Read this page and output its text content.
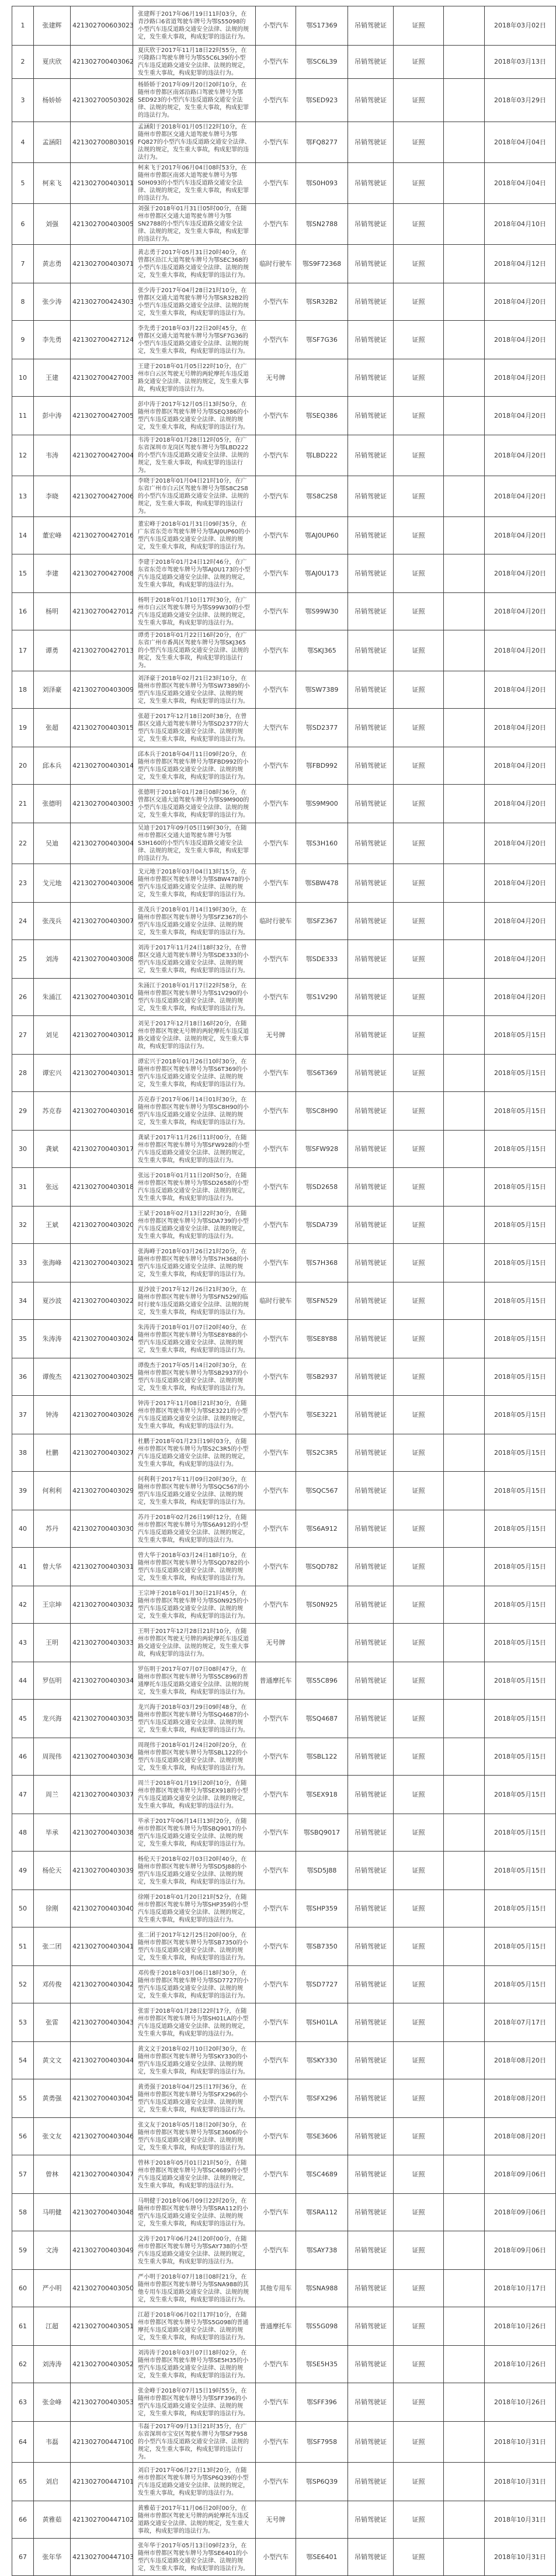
1	张建辉	421302700603023	张建辉于2017年06月19日11时03分，在青沙路口6省道驾驶车牌号为鄂S55098的小型汽车违反道路交通安全法律、法规的规定，发生重大事故，构成犯罪的违法行为。	小型汽车	鄂S17369	吊销驾驶证	证照		2018年03月02日
2	夏庆欣	421302700403062	夏庆欣于2017年11月18日22时55分，在兴隆路口驾驶车牌号为鄂S5C6L39的小型汽车违反道路交通安全法律、法规的规定，发生重大事故，构成犯罪的违法行为。	小型汽车	鄂SC6L39	吊销驾驶证	证照		2018年03月13日
3	杨娇娇	421302700503028	杨娇娇于2017年09月20日20时10分，在随州市曾都区南郊沿路口驾驶车牌号为鄂SED923的小型汽车违反道路交通安全法律、法规的规定，发生重大事故，构成犯罪的违法行为。	小型汽车	鄂SED923	吊销驾驶证	证照		2018年03月29日
4	孟涵阳	421302700803019	孟涵阳于2018年01月05日22时10分，在随州市曾都区交通大道驾驶车牌号为鄂FQ827的小型汽车违反道路交通安全法律、法规的规定，发生重大事故，构成犯罪的违法行为。	小型汽车	鄂FQ8277	吊销驾驶证	证照		2018年04月04日
5	柯来飞	421302700403011	柯来飞于2017年06月04日08时53分，在随州市曾都区南郊大道驾驶车牌号为鄂S0H093的小型汽车违反道路交通安全法律、法规的规定，发生重大事故，构成犯罪的违法行为。	小型汽车	鄂S0H093	吊销驾驶证	证照		2018年04月04日
6	刘强	421302700403005	刘强于2018年01月31日05时00分，在随州市曾都区交通大道驾驶车牌号为鄂SN2788的小型汽车违反道路交通安全法律、法规的规定，发生重大事故，构成犯罪的违法行为。	小型汽车	鄂SN2788	吊销驾驶证	证照		2018年04月10日
7	黄志勇	421302700403071	黄志勇于2017年05月31日20时40分，在曾都区沿江大道驾驶车牌号为鄂SEC368的小型汽车违反道路交通安全法律、法规的规定，发生重大事故，构成犯罪的违法行为。	临时行驶车	鄂S9F72368	吊销驾驶证	证照		2018年04月12日
8	张少涛	421302700424303	张少涛于2017年04月28日21时10分，在曾都区交通大道驾驶车牌号为鄂SR32B2的小型汽车违反道路交通安全法律、法规的规定，发生重大事故，构成犯罪的违法行为。	小型汽车	鄂SR32B2	吊销驾驶证	证照		2018年04月20日
9	李先勇	421302700427124	李先勇于2018年03月22日20时45分，在曾都区交通大道驾驶车牌号为鄂SF7G36的小型汽车违反道路交通安全法律、法规的规定，发生重大事故，构成犯罪的违法行为。	小型汽车	鄂SF7G36	吊销驾驶证	证照		2018年04月20日
10	王建	421302700427003	王建于2018年01月05日22时10分，在广州市白云区驾驶无号牌的两轮摩托车违反道路交通安全法律、法规的规定，发生重大事故，构成犯罪的违法行为。	无号牌		吊销驾驶证	证照		2018年04月20日
11	彭中涛	421302700427005	彭中涛于2017年12月05日13时50分，在随州市曾都区驾驶车牌号为鄂SEQ386的小型汽车违反道路交通安全法律、法规的规定，发生重大事故，构成犯罪的违法行为。	小型汽车	鄂SEQ386	吊销驾驶证	证照		2018年04月20日
12	韦涛	421302700427004	韦涛于2018年01月28日12时05分，在广东省深圳市龙岗区驾驶车牌号为鄂LBD222的小型汽车违反道路交通安全法律、法规的规定，发生重大事故，构成犯罪的违法行为。	小型汽车	鄂LBD222	吊销驾驶证	证照		2018年04月20日
13	李晓	421302700427006	李晓于2018年01月04日21时10分，在广东省广州市白云区驾驶车牌号为鄂S8C2S8的小型汽车违反道路交通安全法律、法规的规定，发生重大事故，构成犯罪的违法行为。	小型汽车	鄂S8C2S8	吊销驾驶证	证照		2018年04月20日
14	董宏峰	421302700427016	董宏峰于2018年01月31日09时35分，在广东省东莞市驾驶车牌号为鄂AJ0UP60的小型汽车违反道路交通安全法律、法规的规定，发生重大事故，构成犯罪的违法行为。	小型汽车	鄂AJ0UP60	吊销驾驶证	证照		2018年04月20日
15	李建	421302700427008	李建于2018年01月24日12时46分，在广东省东莞市驾驶车牌号为鄂AJ0U173的小型汽车违反道路交通安全法律、法规的规定，发生重大事故，构成犯罪的违法行为。	小型汽车	鄂AJ0U173	吊销驾驶证	证照		2018年04月20日
16	杨明	421302700427012	杨明于2018年01月10日17时30分，在广州市白云区驾驶车牌号为鄂S99W30的小型汽车违反道路交通安全法律、法规的规定，发生重大事故，构成犯罪的违法行为。	小型汽车	鄂S99W30	吊销驾驶证	证照		2018年04月20日
17	谭勇	421302700427013	谭勇于2018年01月22日16时20分，在广东省广州市番禺区驾驶车牌号为鄂SKJ365的小型汽车违反道路交通安全法律、法规的规定，发生重大事故，构成犯罪的违法行为。	小型汽车	鄂SKJ365	吊销驾驶证	证照		2018年04月20日
18	刘泽豪	421302700403009	刘泽豪于2018年02月21日23时10分，在随州市曾都区驾驶车牌号为鄂SW7389的小型汽车违反道路交通安全法律、法规的规定，发生重大事故，构成犯罪的违法行为。	小型汽车	鄂SW7389	吊销驾驶证	证照		2018年04月20日
19	张超	421302700403015	张超于2017年12月18日20时38分，在曾都区交通大道驾驶车牌号为鄂SD2377的大型汽车违反道路交通安全法律、法规的规定，发生重大事故，构成犯罪的违法行为。	大型汽车	鄂SD2377	吊销驾驶证	证照		2018年04月20日
20	邱本兵	421302700403014	邱本兵于2018年04月11日09时20分，在随州市曾都区驾驶车牌号为鄂FBD992的小型汽车违反道路交通安全法律、法规的规定，发生重大事故，构成犯罪的违法行为。	小型汽车	鄂FBD992	吊销驾驶证	证照		2018年04月20日
21	张德明	421302700403003	张德明于2018年01月28日08时36分，在曾都区交通大道驾驶车牌号为鄂S9M900的小型汽车违反道路交通安全法律、法规的规定，发生重大事故，构成犯罪的违法行为。	小型汽车	鄂S9M900	吊销驾驶证	证照		2018年04月20日
22	吴迪	421302700403004	吴迪于2017年09月05日19时30分，在随州市曾都区交通大道驾驶车牌号为鄂S3H160的小型汽车违反道路交通安全法律、法规的规定，发生重大事故，构成犯罪的违法行为。	小型汽车	鄂S3H160	吊销驾驶证	证照		2018年04月20日
23	戈元地	421302700403006	戈元地于2018年03月04日13时15分，在随州市曾都区驾驶车牌号为鄂SBW478的小型汽车违反道路交通安全法律、法规的规定，发生重大事故，构成犯罪的违法行为。	小型汽车	鄂SBW478	吊销驾驶证	证照		2018年04月20日
24	张茂兵	421302700403007	张茂兵于2018年01月14日19时30分，在随州市曾都区驾驶车牌号为鄂SFZ367的小型汽车违反道路交通安全法律、法规的规定，发生重大事故，构成犯罪的违法行为。	临时行驶车	鄂SFZ367	吊销驾驶证	证照		2018年04月20日
25	刘涛	421302700403008	刘涛于2017年11月24日18时32分，在曾都区交通大道驾驶车牌号为鄂SDE333的小型汽车违反道路交通安全法律、法规的规定，发生重大事故，构成犯罪的违法行为。	小型汽车	鄂SDE333	吊销驾驶证	证照		2018年04月20日
26	朱涌江	421302700403010	朱涌江于2018年01月17日22时58分，在随州市曾都区驾驶车牌号为鄂S1V290的小型汽车违反道路交通安全法律、法规的规定，发生重大事故，构成犯罪的违法行为。	小型汽车	鄂S1V290	吊销驾驶证	证照		2018年04月20日
27	刘见	421302700403012	刘见于2017年12月18日16时20分，在随州市曾都区驾驶无号牌的两轮摩托车违反道路交通安全法律、法规的规定，发生重大事故，构成犯罪的违法行为。	无号牌		吊销驾驶证	证照		2018年05月15日
28	谭宏兴	421302700403013	谭宏兴于2018年01月26日10时30分，在随州市曾都区驾驶车牌号为鄂S6T369的小型汽车违反道路交通安全法律、法规的规定，发生重大事故，构成犯罪的违法行为。	小型汽车	鄂S6T369	吊销驾驶证	证照		2018年05月15日
29	苏克春	421302700403016	苏克春于2017年06月14日01时30分，在随州市曾都区驾驶车牌号为鄂SC8H90的小型汽车违反道路交通安全法律、法规的规定，发生重大事故，构成犯罪的违法行为。	小型汽车	鄂SC8H90	吊销驾驶证	证照		2018年05月15日
30	龚斌	421302700403017	龚斌于2017年11月26日11时00分，在随州市曾都区驾驶车牌号为鄂SFW928的小型汽车违反道路交通安全法律、法规的规定，发生重大事故，构成犯罪的违法行为。	小型汽车	鄂SFW928	吊销驾驶证	证照		2018年05月15日
31	张远	421302700403018	张远于2018年01月11日20时50分，在随州市曾都区驾驶车牌号为鄂SD2658的小型汽车违反道路交通安全法律、法规的规定，发生重大事故，构成犯罪的违法行为。	小型汽车	鄂SD2658	吊销驾驶证	证照		2018年05月15日
32	王斌	421302700403020	王斌于2018年02月13日22时30分，在随州市曾都区驾驶车牌号为鄂SDA739的小型汽车违反道路交通安全法律、法规的规定，发生重大事故，构成犯罪的违法行为。	小型汽车	鄂SDA739	吊销驾驶证	证照		2018年05月15日
33	张海峰	421302700403021	张海峰于2018年03月26日21时20分，在随州市曾都区驾驶车牌号为鄂S7H368的小型汽车违反道路交通安全法律、法规的规定，发生重大事故，构成犯罪的违法行为。	小型汽车	鄂S7H368	吊销驾驶证	证照		2018年05月15日
34	夏沙波	421302700403022	夏沙波于2017年12月26日21时30分，在随州市曾都区驾驶车牌号为鄂SFN529的临时行驶车违反道路交通安全法律、法规的规定，发生重大事故，构成犯罪的违法行为。	临时行驶车	鄂SFN529	吊销驾驶证	证照		2018年05月15日
35	朱涛涛	421302700403024	朱涛涛于2018年01月07日20时40分，在随州市曾都区驾驶车牌号为鄂SE8Y88的小型汽车违反道路交通安全法律、法规的规定，发生重大事故，构成犯罪的违法行为。	小型汽车	鄂SE8Y88	吊销驾驶证	证照		2018年05月15日
36	谭俊杰	421302700403025	谭俊杰于2017年05月14日20时30分，在随州市曾都区驾驶车牌号为鄂SB2937的小型汽车违反道路交通安全法律、法规的规定，发生重大事故，构成犯罪的违法行为。	小型汽车	鄂SB2937	吊销驾驶证	证照		2018年05月15日
37	钟涛	421302700403026	钟涛于2017年11月08日21时30分，在随州市曾都区驾驶车牌号为鄂SE3221的小型汽车违反道路交通安全法律、法规的规定，发生重大事故，构成犯罪的违法行为。	小型汽车	鄂SE3221	吊销驾驶证	证照		2018年05月15日
38	杜鹏	421302700403027	杜鹏于2018年01月23日19时03分，在随州市曾都区驾驶车牌号为鄂S2C3R5的小型汽车违反道路交通安全法律、法规的规定，发生重大事故，构成犯罪的违法行为。	小型汽车	鄂S2C3R5	吊销驾驶证	证照		2018年05月15日
39	何利利	421302700403029	何利利于2017年11月09日20时30分，在随州市曾都区驾驶车牌号为鄂SQC567的小型汽车违反道路交通安全法律、法规的规定，发生重大事故，构成犯罪的违法行为。	小型汽车	鄂SQC567	吊销驾驶证	证照		2018年05月15日
40	苏丹	421302700403030	苏丹于2018年02月26日19时12分，在随州市曾都区驾驶车牌号为鄂S6A912的小型汽车违反道路交通安全法律、法规的规定，发生重大事故，构成犯罪的违法行为。	小型汽车	鄂S6A912	吊销驾驶证	证照		2018年05月15日
41	曾大华	421302700403031	曾大华于2018年03月24日18时10分，在随州市曾都区驾驶车牌号为鄂SQD782的小型汽车违反道路交通安全法律、法规的规定，发生重大事故，构成犯罪的违法行为。	小型汽车	鄂SQD782	吊销驾驶证	证照		2018年05月15日
42	王宗坤	421302700403032	王宗坤于2018年01月30日21时45分，在随州市曾都区驾驶车牌号为鄂S0N925的小型汽车违反道路交通安全法律、法规的规定，发生重大事故，构成犯罪的违法行为。	小型汽车	鄂S0N925	吊销驾驶证	证照		2018年05月15日
43	王明	421302700403033	王明于2017年12月28日21时10分，在随州市曾都区驾驶无号牌的两轮摩托车违反道路交通安全法律、法规的规定，发生重大事故，构成犯罪的违法行为。	无号牌		吊销驾驶证	证照		2018年05月15日
44	罗伍明	421302700403034	罗伍明于2017年07月07日08时47分，在随州市曾都区驾驶车牌号为鄂S5C896的普通摩托车违反道路交通安全法律、法规的规定，发生重大事故，构成犯罪的违法行为。	普通摩托车	鄂S5C896	吊销驾驶证	证照		2018年05月15日
45	龙兴海	421302700403035	龙兴海于2018年03月29日09时48分，在随州市曾都区驾驶车牌号为鄂SQ4687的小型汽车违反道路交通安全法律、法规的规定，发生重大事故，构成犯罪的违法行为。	小型汽车	鄂SQ4687	吊销驾驶证	证照		2018年05月15日
46	周现伟	421302700403036	周现伟于2018年01月24日20时20分，在随州市曾都区驾驶车牌号为鄂SBL122的小型汽车违反道路交通安全法律、法规的规定，发生重大事故，构成犯罪的违法行为。	小型汽车	鄂SBL122	吊销驾驶证	证照		2018年05月15日
47	周兰	421302700403037	周兰于2018年01月19日20时10分，在随州市曾都区驾驶车牌号为鄂SEX918的小型汽车违反道路交通安全法律、法规的规定，发生重大事故，构成犯罪的违法行为。	小型汽车	鄂SEX918	吊销驾驶证	证照		2018年05月15日
48	毕承	421302700403038	毕承于2017年06月14日13时20分，在随州市曾都区驾驶车牌号为鄂SBQ9017的小型汽车违反道路交通安全法律、法规的规定，发生重大事故，构成犯罪的违法行为。	小型汽车	鄂SBQ9017	吊销驾驶证	证照		2018年05月15日
49	杨伦天	421302700403039	杨伦天于2018年02月03日20时40分，在随州市曾都区驾驶车牌号为鄂SD5J88的小型汽车违反道路交通安全法律、法规的规定，发生重大事故，构成犯罪的违法行为。	小型汽车	鄂SD5J88	吊销驾驶证	证照		2018年05月15日
50	徐刚	421302700403040	徐刚于2018年01月20日21时52分，在随州市曾都区驾驶车牌号为鄂SHP359的小型汽车违反道路交通安全法律、法规的规定，发生重大事故，构成犯罪的违法行为。	小型汽车	鄂SHP359	吊销驾驶证	证照		2018年05月15日
51	张二团	421302700403041	张二团于2017年12月25日20时00分，在随州市曾都区驾驶车牌号为鄂SB7350的小型汽车违反道路交通安全法律、法规的规定，发生重大事故，构成犯罪的违法行为。	小型汽车	鄂SB7350	吊销驾驶证	证照		2018年05月15日
52	邓传俊	421302700403042	邓传俊于2018年03月06日18时30分，在随州市曾都区驾驶车牌号为鄂SD7727的小型汽车违反道路交通安全法律、法规的规定，发生重大事故，构成犯罪的违法行为。	小型汽车	鄂SD7727	吊销驾驶证	证照		2018年05月15日
53	张雷	421302700403043	张雷于2018年01月28日22时17分，在随州市曾都区驾驶车牌号为鄂SH01LA的小型汽车违反道路交通安全法律、法规的规定，发生重大事故，构成犯罪的违法行为。	小型汽车	鄂SH01LA	吊销驾驶证	证照		2018年07月17日
54	黄文文	421302700403044	黄文文于2018年02月10日20时30分，在随州市曾都区驾驶车牌号为鄂SKY330的小型汽车违反道路交通安全法律、法规的规定，发生重大事故，构成犯罪的违法行为。	小型汽车	鄂SKY330	吊销驾驶证	证照		2018年08月20日
55	黄勇强	421302700403045	黄勇强于2018年04月25日17时36分，在随州市曾都区驾驶车牌号为鄂SFX296的小型汽车违反道路交通安全法律、法规的规定，发生重大事故，构成犯罪的违法行为。	小型汽车	鄂SFX296	吊销驾驶证	证照		2018年08月20日
56	张文友	421302700403046	张文友于2018年05月18日20时30分，在随州市曾都区驾驶车牌号为鄂SE3606的小型汽车违反道路交通安全法律、法规的规定，发生重大事故，构成犯罪的违法行为。	小型汽车	鄂SE3606	吊销驾驶证	证照		2018年08月20日
57	曾林	421302700403047	曾林于2018年05月01日21时50分，在随州市曾都区驾驶车牌号为鄂SC4689的小型汽车违反道路交通安全法律、法规的规定，发生重大事故，构成犯罪的违法行为。	小型汽车	鄂SC4689	吊销驾驶证	证照		2018年09月06日
58	马明健	421302700403048	马明健于2018年06月09日22时20分，在随州市曾都区驾驶车牌号为鄂SRA112的小型汽车违反道路交通安全法律、法规的规定，发生重大事故，构成犯罪的违法行为。	小型汽车	鄂SRA112	吊销驾驶证	证照		2018年09月06日
59	文涛	421302700403049	文涛于2017年06月24日20时00分，在随州市曾都区驾驶车牌号为鄂SAY738的小型汽车违反道路交通安全法律、法规的规定，发生重大事故，构成犯罪的违法行为。	小型汽车	鄂SAY738	吊销驾驶证	证照		2018年09月06日
60	严小明	421302700403050	严小明于2018年07月18日08时21分，在随州市曾都区驾驶车牌号为鄂SNA988的其他专用车违反道路交通安全法律、法规的规定，发生重大事故，构成犯罪的违法行为。	其他专用车	鄂SNA988	吊销驾驶证	证照		2018年10月17日
61	江超	421302700403051	江超于2018年06月02日17时10分，在随州市曾都区驾驶车牌号为鄂S5G098的普通摩托车违反道路交通安全法律、法规的规定，发生重大事故，构成犯罪的违法行为。	普通摩托车	鄂S5G098	吊销驾驶证	证照		2018年10月26日
62	刘涛涛	421302700403052	刘涛涛于2018年03月07日18时02分，在随州市曾都区驾驶车牌号为鄂SE5H35的小型汽车违反道路交通安全法律、法规的规定，发生重大事故，构成犯罪的违法行为。	小型汽车	鄂SE5H35	吊销驾驶证	证照		2018年10月26日
63	张金峰	421302700403053	张金峰于2018年07月15日19时55分，在随州市曾都区驾驶车牌号为鄂SFF396的小型汽车违反道路交通安全法律、法规的规定，发生重大事故，构成犯罪的违法行为。	小型汽车	鄂SFF396	吊销驾驶证	证照		2018年10月26日
64	韦磊	421302700447100	韦磊于2017年09月13日21时35分，在广东省深圳市宝安区驾驶车牌号为鄂SF7958的小型汽车违反道路交通安全法律、法规的规定，发生重大事故，构成犯罪的违法行为。	小型汽车	鄂SF7958	吊销驾驶证	证照		2018年10月31日
65	刘启	421302700447101	刘启于2017年06月27日13时20分，在随州市曾都区驾驶车牌号为鄂SP6Q39的小型汽车违反道路交通安全法律、法规的规定，发生重大事故，构成犯罪的违法行为。	小型汽车	鄂SP6Q39	吊销驾驶证	证照		2018年10月31日
66	黄雅茹	421302700447102	黄雅茹于2017年11月06日20时00分，在随州市曾都区驾驶无号牌的两轮摩托车违反道路交通安全法律、法规的规定，发生重大事故，构成犯罪的违法行为。	无号牌		吊销驾驶证	证照		2018年10月31日
67	张年华	421302700447103	张年华于2017年05月13日09时23分，在随州市曾都区驾驶车牌号为鄂SE6401的小型汽车违反道路交通安全法律、法规的规定，发生重大事故，构成犯罪的违法行为。	小型汽车	鄂SE6401	吊销驾驶证	证照		2018年10月31日
